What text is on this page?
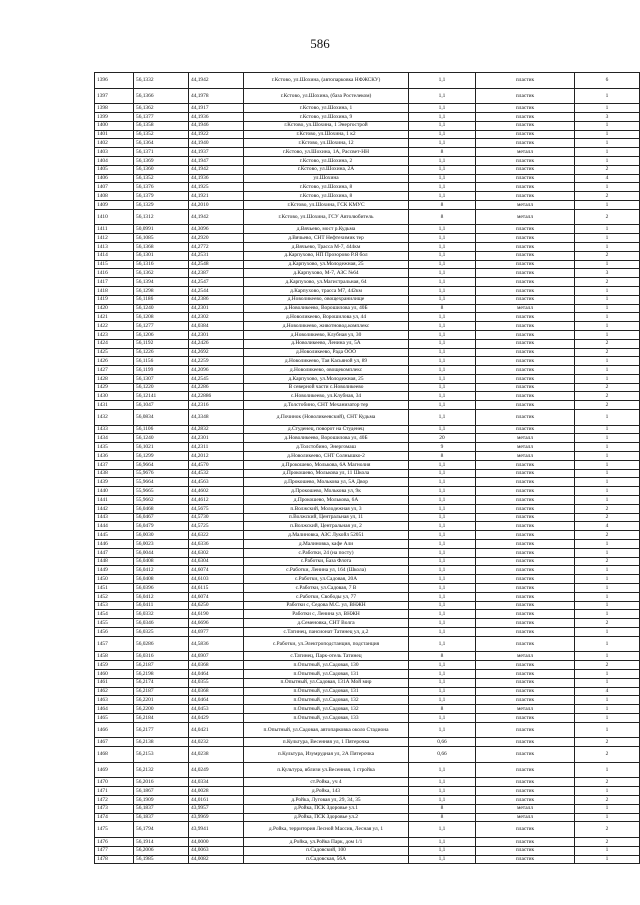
586
1396	56,1332	44,1942	г.Кстово, ул.Шохина, (автопарковка НФЖСКУ)	1,1	пластик	6
1397	56,1366	44,1978	г.Кстово, ул.Шохина, (база Ростелеком)	1,1	пластик	1
1398	56,1362	44,1917	г.Кстово, ул.Шохина, 1	1,1	пластик	1
1399	56,1377	44,1936	г.Кстово, ул.Шохина, 9	1,1	пластик	3
1400	56,1358	44,1946	г.Кстово, ул.Шохина, 1 Энергострой	1,1	пластик	1
1401	56,1352	44,1922	г.Кстово, ул.Шохина, 1 к2	1,1	пластик	1
1402	56,1364	44,1940	г.Кстово, ул.Шохина, 12	1,1	пластик	1
1403	56,1371	44,1937	г.Кстово, ул.Шохина, 1А, Рассвет-НН	8	металл	1
1404	56,1369	44,1947	г.Кстово, ул.Шохина, 2	1,1	пластик	1
1405	56,1360	44,1942	г.Кстово, ул.Шохина, 2А	1,1	пластик	2
1406	56,1352	44,1936	ул.Шохина	1,1	пластик	4
1407	56,1376	44,1925	г.Кстово, ул.Шохина, 8	1,1	пластик	1
1408	56,1379	44,1921	г.Кстово, ул.Шохина, 8	1,1	пластик	2
1409	56,1329	44,2010	г.Кстово, ул.Шохина, ГСК КМУС	8	металл	1
1410	56,1312	44,1942	г.Кстово, ул.Шохина, ГСУ Автолюбитель	8	металл	2
1411	50,0991	44,3096	д.Вячьево, мост р.Кудьма	1,1	пластик	1
1412	56,1085	44,2920	д.Вячьево, СНТ Нефтехимик тер	1,1	пластик	1
1413	56,1368	44,2772	д.Вячьево, Трасса М-7, 444км	1,1	пластик	1
1414	56,1301	44,2531	д.Карпухово, НП Прозорово Р.Я бол	1,1	пластик	2
1415	56,1316	44,2548	д.Карпухово, ул.Молодежная, 25	1,1	пластик	1
1416	56,1362	44,2387	д.Карпухово, М-7, АЗС №64	1,1	пластик	3
1417	56,1394	44,2547	д.Карпухово, ул.Магистральная, 64	1,1	пластик	2
1418	56,1298	44,2544	д.Карпухово, трасса М7, 442км	1,1	пластик	1
1419	56,1186	44,2386	д.Новоликеево, овощехранилище	1,1	пластик	1
1420	56,1240	44,2301	д.Новоликеево, Ворошилова ул, 40Б	8	металл	1
1421	56,1208	44,2302	д.Новоликеево, Ворошилова ул, 44	1,1	пластик	1
1422	56,1277	44,0384	д.Новоликеево, животновод.комплекс	1,1	пластик	1
1423	56,1206	44,2301	д.Новоликеево, Клубная ул, 30	1,1	пластик	1
1424	56,1192	44,2426	д.Новоликеево, Ленина ул, 5А	1,1	пластик	2
1425	56,1226	44,2692	д.Новоликеево, Рада ООО	1,1	пластик	2
1426	56,1156	44,2259	д.Новоликеево, Тая Касьяной ул, 89	1,1	пластик	1
1427	56,1199	44,2096	д.Новоликеево, овощекомплекс	1,1	пластик	1
1428	56,1307	44,2545	д.Карпухово, ул.Молодежная, 25	1,1	пластик	1
1429	56,1220	44,2286	В северной части с.Новоликеево	1,1	пластик	2
1430	56,12141	44,22886	с.Новоликеево, ул.Клубная, 34	1,1	пластик	2
1431	56,1047	44,2316	д.Толстобино, СНТ Механизатор тер	1,1	пластик	2
1432	56,0834	44,3348	д.Починок (Новоликеевский), СНТ Кудьма	1,1	пластик	1
1433	56,1106	44,2832	д.Студенец, поворот на Студенец	1,1	пластик	1
1434	56,1240	44,2301	д.Новоликеево, Ворошилова ул, 40Б	20	металл	1
1435	56,1021	44,2311	д.Толстобино, Энергомаш	9	металл	1
1436	56,1299	44,2012	д.Новоликеево, СНТ Солнышко-2	8	металл	1
1437	56,9664	44,4570	д.Прокошево, Молькова, 6А Магнолия	1,1	пластик	1
1438	55,9676	44,4532	д.Прокошево, Молькова ул, 11 Школа	1,1	пластик	1
1439	55,9664	44,4563	д.Прокошево, Молькова ул, 5А Двор	1,1	пластик	1
1440	55,9665	44,4602	д.Прокошево, Молькова ул, 9к	1,1	пластик	1
1441	55,9662	44,4612	д.Прокошево, Молькова, 6А	1,1	пластик	1
1442	56,0468	44,5675	п.Волжский, Молодежная ул, 3	1,1	пластик	2
1443	56,0467	44,5730	п.Волжский, Центральная ул, 11	1,1	пластик	2
1444	56,0479	44,5725	п.Волжский, Центральная ул, 2	1,1	пластик	4
1445	56,0030	44,6322	д.Малиновка, АЗС Лукойл 52051	1,1	пластик	2
1446	56,0023	44,6336	д.Малиновка, кафе Али	1,1	пластик	1
1447	56,0044	44,6302	с.Работки, 24 (на посту)	1,1	пластик	1
1448	56,0408	44,6304	с.Работки, База Флота	1,1	пластик	2
1449	56,0412	44,6074	с.Работки, Ленина ул, 164 (Школа)	1,1	пластик	1
1450	56,0408	44,6103	с.Работки, ул.Садовая, 20А	1,1	пластик	1
1451	56,0396	44,6115	с.Работки, ул.Садовая, 7 В	1,1	пластик	1
1452	56,0412	44,6074	с.Работки, Свободы ул, 77	1,1	пластик	1
1453	56,0411	44,6250	Работки с, Седова М.С. ул, ВНЖН	1,1	пластик	1
1454	56,0332	44,6190	Работки с, Ленина ул, ВНЖН	1,1	пластик	1
1455	56,0346	44,6696	д.Семеновка, СНТ Волга	1,1	пластик	2
1456	56,0325	44,6977	с.Татинец, пансионат Татинец ул, д.2	1,1	пластик	1
1457	56,0286	44,5836	с.Работки, ул.Электроподстанция, подстанция	1,1	пластик	1
1458	56,0316	44,6907	с.Татинец, Парк-отель Татинец	8	металл	1
1459	56,2187	44,0368	п.Опытный, ул.Садовая, 130	1,1	пластик	2
1460	56,2198	44,0464	п.Опытный, ул.Садовая, 131	1,1	пластик	1
1461	56,2174	44,0355	п.Опытный, ул.Садовая, 131А Мой мир	1,1	пластик	1
1462	56,2187	44,0368	п.Опытный, ул.Садовая, 131	1,1	пластик	4
1463	56,2201	44,0464	п.Опытный, ул.Садовая, 132	1,1	пластик	1
1464	56,2200	44,0453	п.Опытный, ул.Садовая, 132	8	металл	1
1465	56,2184	44,0429	п.Опытный, ул.Садовая, 133	1,1	пластик	1
1466	56,2177	44,0421	п.Опытный, ул.Садовая, автопарковка около Стадиона	1,1	пластик	1
1467	56,2138	44,0232	п.Культура, Весенняя ул, 1 Пятерочка	0,66	пластик	2
1468	56,2153	44,0238	п.Культура, Изумрудная ул, 2А Пятерочка	0,66	пластик	2
1469	56,2132	44,0249	п.Культура, вблизи ул.Весенняя, 1 стройка	1,1	пластик	1
1470	56,2016	44,0334	ст.Ройка, уч 4	1,1	пластик	2
1471	56,1867	44,0028	д.Ройка, 143	1,1	пластик	1
1472	56,1909	44,0161	д.Ройка, Луговая ул, 29, 34, 35	1,1	пластик	2
1473	56,1837	43,9957	д.Ройка, ПСК Здоровье ул.1	8	металл	1
1474	56,1837	43,9969	д.Ройка, ПСК Здоровье ул.2	8	металл	1
1475	56,1794	43,9941	д.Ройка, территория Лесной Массив, Лесная ул, 1	1,1	пластик	2
1476	56,1914	44,0000	д.Ройка, ул.Ройка Парк, дом 1/1	1,1	пластик	2
1477	56,2006	44,0063	п.Садовский, 100	1,1	пластик	1
1478	56,1985	44,0082	п.Садовская, 56А	1,1	пластик	1
